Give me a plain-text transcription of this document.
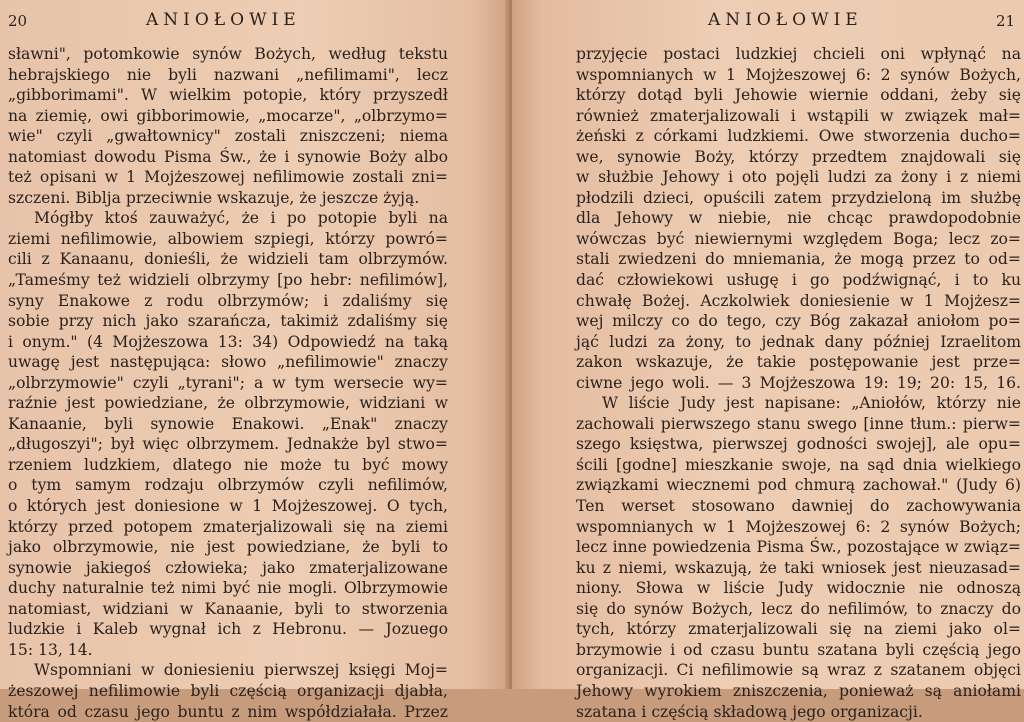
20	ANIOŁOWIE
sławni", potomkowie synów Bożych, według tekstu
hebrajskiego nie byli nazwani „nefilimami", lecz
„gibborimami". W wielkim potopie, który przyszedł
na ziemię, owi gibborimowie, „mocarze", „olbrzymo=
wie" czyli „gwałtownicy" zostali zniszczeni; niema
natomiast dowodu Pisma Św., że i synowie Boży albo
też opisani w 1 Mojżeszowej nefilimowie zostali zni=
szczeni. Biblja przeciwnie wskazuje, że jeszcze żyją.
Mógłby ktoś zauważyć, że i po potopie byli na
ziemi nefilimowie, albowiem szpiegi, którzy powró=
cili z Kanaanu, donieśli, że widzieli tam olbrzymów.
„Tameśmy też widzieli olbrzymy [po hebr: nefilimów],
syny Enakowe z rodu olbrzymów; i zdaliśmy się
sobie przy nich jako szarańcza, takimiż zdaliśmy się
i onym." (4 Mojżeszowa 13: 34) Odpowiedź na taką
uwagę jest następująca: słowo „nefilimowie" znaczy
„olbrzymowie" czyli „tyrani"; a w tym wersecie wy=
raźnie jest powiedziane, że olbrzymowie, widziani w
Kanaanie, byli synowie Enakowi. „Enak" znaczy
„długoszyi"; był więc olbrzymem. Jednakże byl stwo=
rzeniem ludzkiem, dlatego nie może tu być mowy
o tym samym rodzaju olbrzymów czyli nefilimów,
o których jest doniesione w 1 Mojżeszowej. O tych,
którzy przed potopem zmaterjalizowali się na ziemi
jako olbrzymowie, nie jest powiedziane, że byli to
synowie jakiegoś człowieka; jako zmaterjalizowane
duchy naturalnie też nimi być nie mogli. Olbrzymowie
natomiast, widziani w Kanaanie, byli to stworzenia
ludzkie i Kaleb wygnał ich z Hebronu. — Jozuego
15: 13, 14.
Wspomniani w doniesieniu pierwszej księgi Moj=
żeszowej nefilimowie byli częścią organizacji djabła,
która od czasu jego buntu z nim współdziałała. Przez
ANIOŁOWIE	21
przyjęcie postaci ludzkiej chcieli oni wpłynąć na
wspomnianych w 1 Mojżeszowej 6: 2 synów Bożych,
którzy dotąd byli Jehowie wiernie oddani, żeby się
również zmaterjalizowali i wstąpili w związek mał=
żeński z córkami ludzkiemi. Owe stworzenia ducho=
we, synowie Boży, którzy przedtem znajdowali się
w służbie Jehowy i oto pojęli ludzi za żony i z niemi
płodzili dzieci, opuścili zatem przydzieloną im służbę
dla Jehowy w niebie, nie chcąc prawdopodobnie
wówczas być niewiernymi względem Boga; lecz zo=
stali zwiedzeni do mniemania, że mogą przez to od=
dać człowiekowi usługę i go podźwignąć, i to ku
chwałę Bożej. Aczkolwiek doniesienie w 1 Mojżesz=
wej milczy co do tego, czy Bóg zakazał aniołom po=
jąć ludzi za żony, to jednak dany później Izraelitom
zakon wskazuje, że takie postępowanie jest prze=
ciwne jego woli. — 3 Mojżeszowa 19: 19; 20: 15, 16.
W liście Judy jest napisane: „Aniołów, którzy nie
zachowali pierwszego stanu swego [inne tłum.: pierw=
szego księstwa, pierwszej godności swojej], ale opu=
ścili [godne] mieszkanie swoje, na sąd dnia wielkiego
związkami wiecznemi pod chmurą zachował." (Judy 6)
Ten werset stosowano dawniej do zachowywania
wspomnianych w 1 Mojżeszowej 6: 2 synów Bożych;
lecz inne powiedzenia Pisma Św., pozostające w związ=
ku z niemi, wskazują, że taki wniosek jest nieuzasad=
niony. Słowa w liście Judy widocznie nie odnoszą
się do synów Bożych, lecz do nefilimów, to znaczy do
tych, którzy zmaterjalizowali się na ziemi jako ol=
brzymowie i od czasu buntu szatana byli częścią jego
organizacji. Ci nefilimowie są wraz z szatanem objęci
Jehowy wyrokiem zniszczenia, ponieważ są aniołami
szatana i częścią składową jego organizacji.
